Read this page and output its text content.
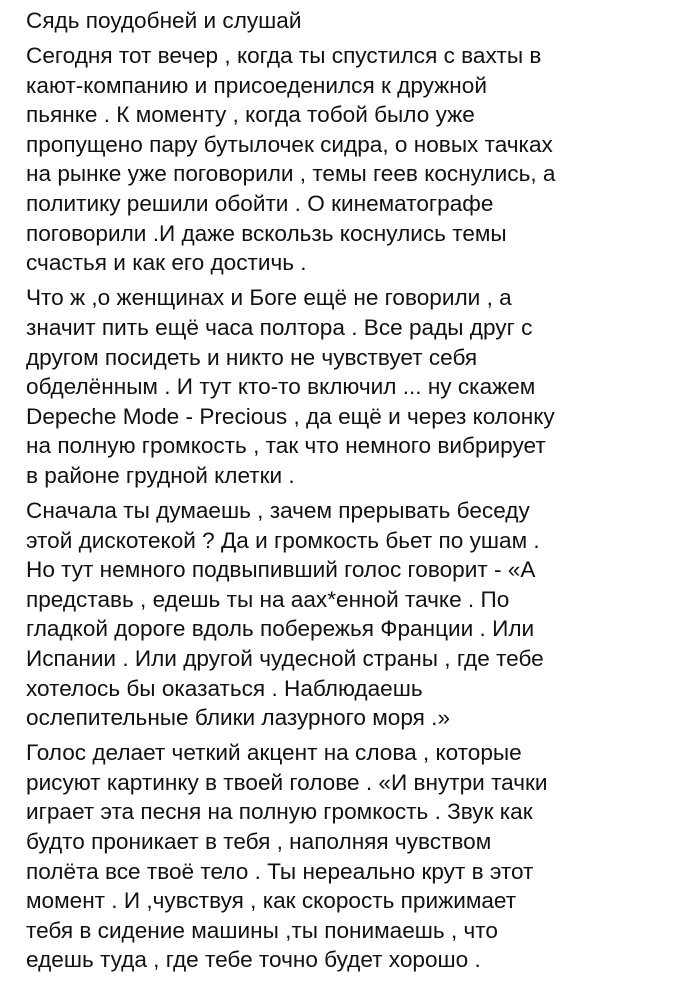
Сядь поудобней и слушай
Сегодня тот вечер , когда ты спустился с вахты в
кают-компанию и присоеденился к дружной
пьянке . К моменту , когда тобой было уже
пропущено пару бутылочек сидра, о новых тачках
на рынке уже поговорили , темы геев коснулись, а
политику решили обойти . О кинематографе
поговорили .И даже вскользь коснулись темы
счастья и как его достичь .
Что ж ,о женщинах и Боге ещё не говорили , а
значит пить ещё часа полтора . Все рады друг с
другом посидеть и никто не чувствует себя
обделённым . И тут кто-то включил ... ну скажем
Depeche Mode - Precious , да ещё и через колонку
на полную громкость , так что немного вибрирует
в районе грудной клетки .
Сначала ты думаешь , зачем прерывать беседу
этой дискотекой ? Да и громкость бьет по ушам .
Но тут немного подвыпивший голос говорит - «А
представь , едешь ты на аах*енной тачке . По
гладкой дороге вдоль побережья Франции . Или
Испании . Или другой чудесной страны , где тебе
хотелось бы оказаться . Наблюдаешь
ослепительные блики лазурного моря .»
Голос делает четкий акцент на слова , которые
рисуют картинку в твоей голове . «И внутри тачки
играет эта песня на полную громкость . Звук как
будто проникает в тебя , наполняя чувством
полёта все твоё тело . Ты нереально крут в этот
момент . И ,чувствуя , как скорость прижимает
тебя в сидение машины ,ты понимаешь , что
едешь туда , где тебе точно будет хорошо .
